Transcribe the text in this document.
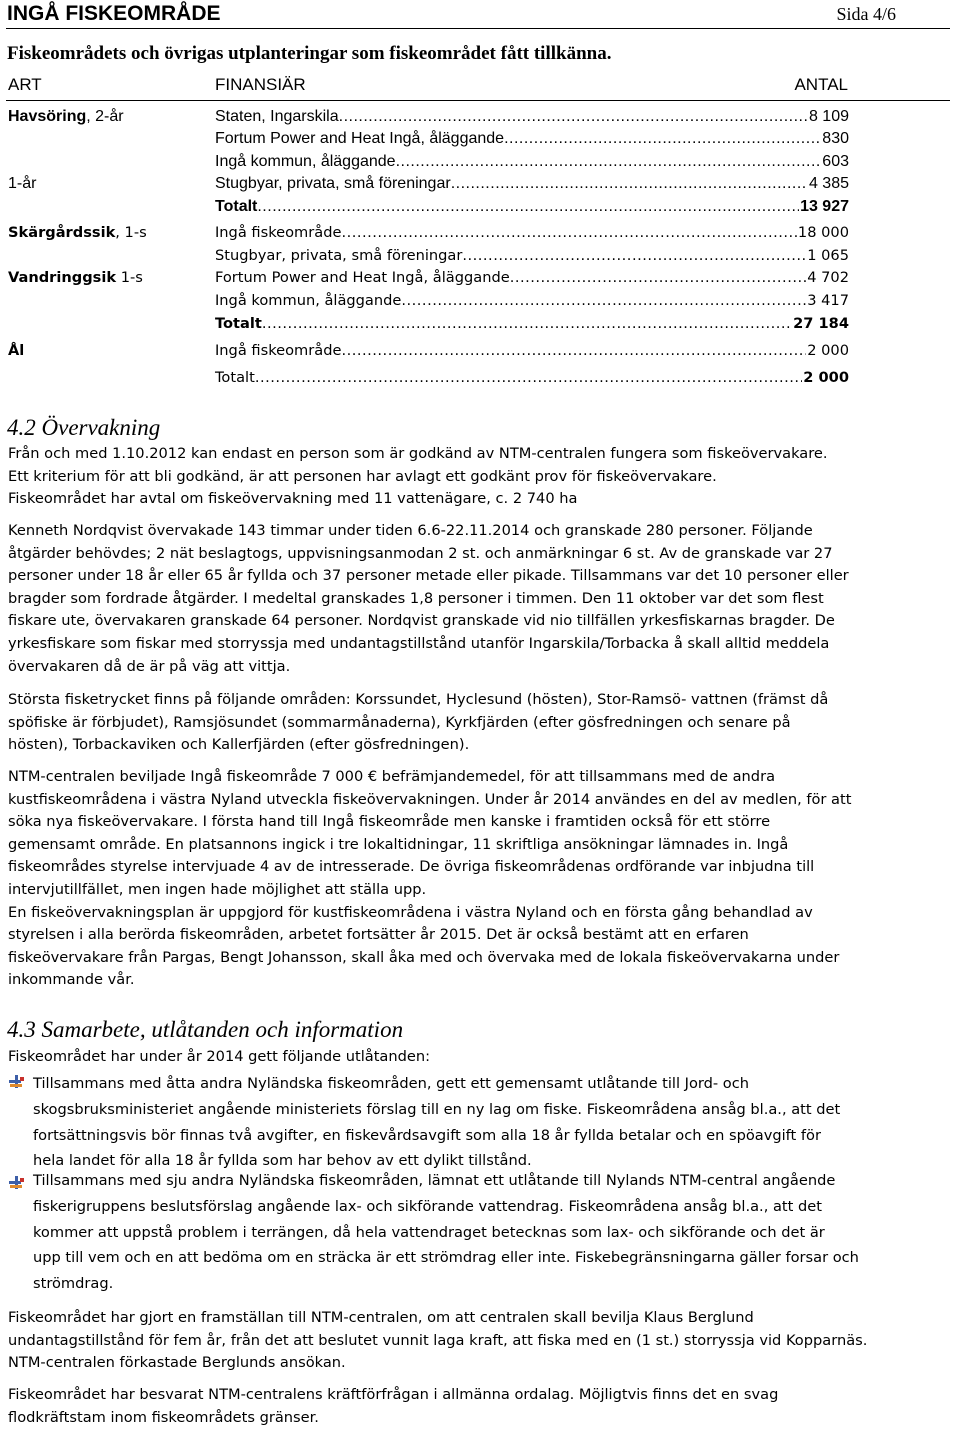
INGÅ FISKEOMRÅDE	Sida 4/6
Fiskeområdets och övrigas utplanteringar som fiskeområdet fått tillkänna.
ART	FINANSIÄR	ANTAL
Havsöring, 2-år	Staten, Ingarskila .....	8 109
Fortum Power and Heat Ingå, åläggande .....	830
Ingå kommun, åläggande .....	603
1-år	Stugbyar, privata, små föreningar .....	4 385
Totalt .....	13 927
Skärgårdssik, 1-s	Ingå fiskeområde .....	18 000
Stugbyar, privata, små föreningar .....	1 065
Vandringgsik 1-s	Fortum Power and Heat Ingå, åläggande .....	4 702
Ingå kommun, åläggande .....	3 417
Totalt .....	27 184
Ål	Ingå fiskeområde .....	2 000
Totalt .....	2 000
4.2 Övervakning
Från och med 1.10.2012 kan endast en person som är godkänd av NTM-centralen fungera som fiskeövervakare.
Ett kriterium för att bli godkänd, är att personen har avlagt ett godkänt prov för fiskeövervakare.
Fiskeområdet har avtal om fiskeövervakning med 11 vattenägare, c. 2 740 ha
Kenneth Nordqvist övervakade 143 timmar under tiden 6.6-22.11.2014 och granskade 280 personer. Följande
åtgärder behövdes; 2 nät beslagtogs, uppvisningsanmodan 2 st. och anmärkningar 6 st. Av de granskade var 27
personer under 18 år eller 65 år fyllda och 37 personer metade eller pikade. Tillsammans var det 10 personer eller
bragder som fordrade åtgärder. I medeltal granskades 1,8 personer i timmen. Den 11 oktober var det som flest
fiskare ute, övervakaren granskade 64 personer. Nordqvist granskade vid nio tillfällen yrkesfiskarnas bragder. De
yrkesfiskare som fiskar med storryssja med undantagstillstånd utanför Ingarskila/Torbacka å skall alltid meddela
övervakaren då de är på väg att vittja.
Största fisketrycket finns på följande områden: Korssundet, Hyclesund (hösten), Stor-Ramsö- vattnen (främst då
spöfiske är förbjudet), Ramsjösundet (sommarmånaderna), Kyrkfjärden (efter gösfredningen och senare på
hösten), Torbackaviken och Kallerfjärden (efter gösfredningen).
NTM-centralen beviljade Ingå fiskeområde 7 000 € befrämjandemedel, för att tillsammans med de andra
kustfiskeområdena i västra Nyland utveckla fiskeövervakningen. Under år 2014 användes en del av medlen, för att
söka nya fiskeövervakare. I första hand till Ingå fiskeområde men kanske i framtiden också för ett större
gemensamt område. En platsannons ingick i tre lokaltidningar, 11 skriftliga ansökningar lämnades in. Ingå
fiskeområdes styrelse intervjuade 4 av de intresserade. De övriga fiskeområdenas ordförande var inbjudna till
intervjutillfället, men ingen hade möjlighet att ställa upp.
En fiskeövervakningsplan är uppgjord för kustfiskeområdena i västra Nyland och en första gång behandlad av
styrelsen i alla berörda fiskeområden, arbetet fortsätter år 2015. Det är också bestämt att en erfaren
fiskeövervakare från Pargas, Bengt Johansson, skall åka med och övervaka med de lokala fiskeövervakarna under
inkommande vår.
4.3 Samarbete, utlåtanden och information
Fiskeområdet har under år 2014 gett följande utlåtanden:
Tillsammans med åtta andra Nyländska fiskeområden, gett ett gemensamt utlåtande till Jord- och
skogsbruksministeriet angående ministeriets förslag till en ny lag om fiske. Fiskeområdena ansåg bl.a., att det
fortsättningsvis bör finnas två avgifter, en fiskevårdsavgift som alla 18 år fyllda betalar och en spöavgift för
hela landet för alla 18 år fyllda som har behov av ett dylikt tillstånd.
Tillsammans med sju andra Nyländska fiskeområden, lämnat ett utlåtande till Nylands NTM-central angående
fiskerigruppens beslutsförslag angående lax- och sikförande vattendrag. Fiskeområdena ansåg bl.a., att det
kommer att uppstå problem i terrängen, då hela vattendraget betecknas som lax- och sikförande och det är
upp till vem och en att bedöma om en sträcka är ett strömdrag eller inte. Fiskebegränsningarna gäller forsar och
strömdrag.
Fiskeområdet har gjort en framställan till NTM-centralen, om att centralen skall bevilja Klaus Berglund
undantagstillstånd för fem år, från det att beslutet vunnit laga kraft, att fiska med en (1 st.) storryssja vid Kopparnäs.
NTM-centralen förkastade Berglunds ansökan.
Fiskeområdet har besvarat NTM-centralens kräftförfrågan i allmänna ordalag. Möjligtvis finns det en svag
flodkräftstam inom fiskeområdets gränser.
